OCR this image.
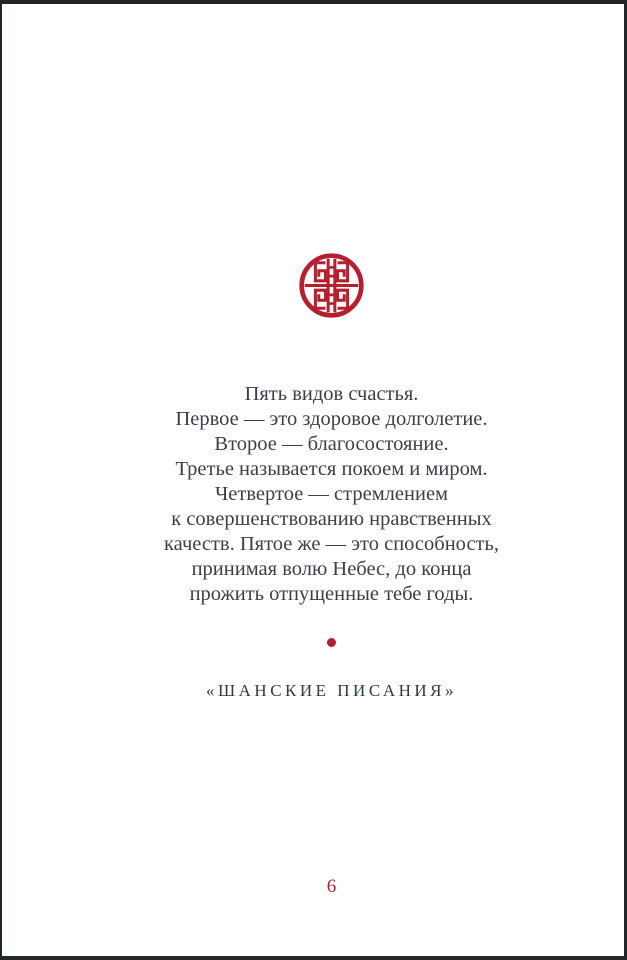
Пять видов счастья.
Первое — это здоровое долголетие.
Второе — благосостояние.
Третье называется покоем и миром.
Четвертое — стремлением
к совершенствованию нравственных
качеств. Пятое же — это способность,
принимая волю Небес, до конца
прожить отпущенные тебе годы.
«ШАНСКИЕ ПИСАНИЯ»
6
